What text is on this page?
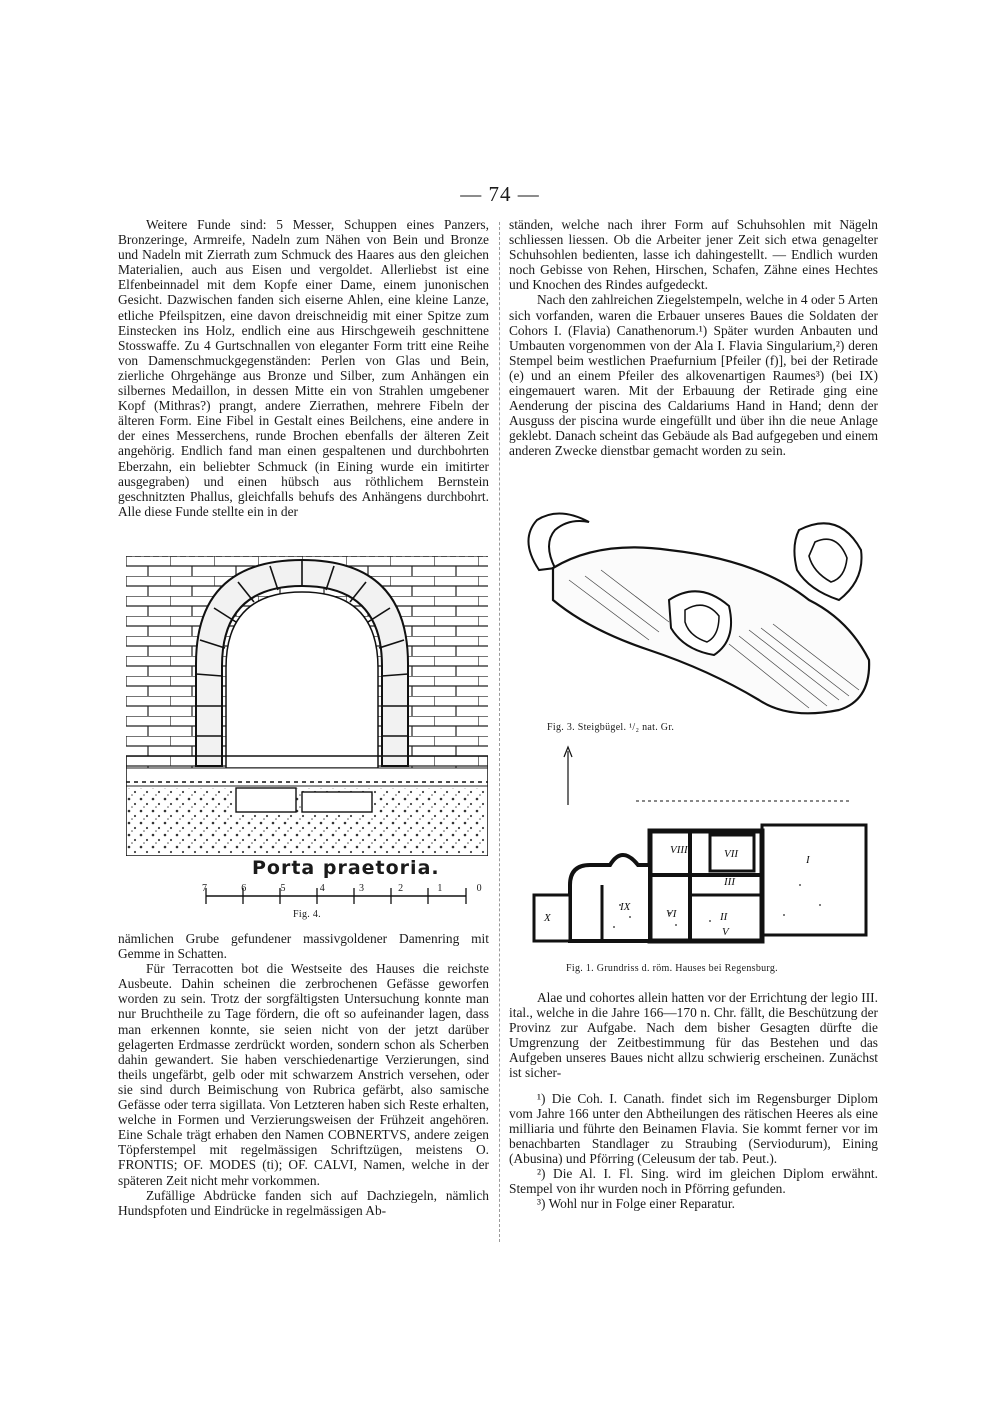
— 74 —

Weitere Funde sind: 5 Messer, Schuppen eines Panzers, Bronzeringe, Armreife, Nadeln zum Nähen von Bein und Bronze und Nadeln mit Zierrath zum Schmuck des Haares aus den gleichen Materialien, auch aus Eisen und vergoldet. Allerliebst ist eine Elfenbeinnadel mit dem Kopfe einer Dame, einem junonischen Gesicht. Dazwischen fanden sich eiserne Ahlen, eine kleine Lanze, etliche Pfeilspitzen, eine davon dreischneidig mit einer Spitze zum Einstecken ins Holz, endlich eine aus Hirschgeweih geschnittene Stosswaffe. Zu 4 Gurtschnallen von eleganter Form tritt eine Reihe von Damenschmuckgegenständen: Perlen von Glas und Bein, zierliche Ohrgehänge aus Bronze und Silber, zum Anhängen ein silbernes Medaillon, in dessen Mitte ein von Strahlen umgebener Kopf (Mithras?) prangt, andere Zierrathen, mehrere Fibeln der älteren Form. Eine Fibel in Gestalt eines Beilchens, eine andere in der eines Messerchens, runde Brochen ebenfalls der älteren Zeit angehörig. Endlich fand man einen gespaltenen und durchbohrten Eberzahn, ein beliebter Schmuck (in Eining wurde ein imitirter ausgegraben) und einen hübsch aus röthlichem Bernstein geschnitzten Phallus, gleichfalls behufs des Anhängens durchbohrt. Alle diese Funde stellte ein in der

Porta praetoria.
7	6	5	4	3	2	1	0
Fig. 4.

nämlichen Grube gefundener massivgoldener Damenring mit Gemme in Schatten.

Für Terracotten bot die Westseite des Hauses die reichste Ausbeute. Dahin scheinen die zerbrochenen Gefässe geworfen worden zu sein. Trotz der sorgfältigsten Untersuchung konnte man nur Bruchtheile zu Tage fördern, die oft so aufeinander lagen, dass man erkennen konnte, sie seien nicht von der jetzt darüber gelagerten Erdmasse zerdrückt worden, sondern schon als Scherben dahin gewandert. Sie haben verschiedenartige Verzierungen, sind theils ungefärbt, gelb oder mit schwarzem Anstrich versehen, oder sie sind durch Beimischung von Rubrica gefärbt, also samische Gefässe oder terra sigillata. Von Letzteren haben sich Reste erhalten, welche in Formen und Verzierungsweisen der Frühzeit angehören. Eine Schale trägt erhaben den Namen COBNERTVS, andere zeigen Töpferstempel mit regelmässigen Schriftzügen, meistens O. FRONTIS; OF. MODES (ti); OF. CALVI, Namen, welche in der späteren Zeit nicht mehr vorkommen.

Zufällige Abdrücke fanden sich auf Dachziegeln, nämlich Hundspfoten und Eindrücke in regelmässigen Ab-

ständen, welche nach ihrer Form auf Schuhsohlen mit Nägeln schliessen liessen. Ob die Arbeiter jener Zeit sich etwa genagelter Schuhsohlen bedienten, lasse ich dahingestellt. — Endlich wurden noch Gebisse von Rehen, Hirschen, Schafen, Zähne eines Hechtes und Knochen des Rindes aufgedeckt.

Nach den zahlreichen Ziegelstempeln, welche in 4 oder 5 Arten sich vorfanden, waren die Erbauer unseres Baues die Soldaten der Cohors I. (Flavia) Canathenorum.¹) Später wurden Anbauten und Umbauten vorgenommen von der Ala I. Flavia Singularium,²) deren Stempel beim westlichen Praefurnium [Pfeiler (f)], bei der Retirade (e) und an einem Pfeiler des alkovenartigen Raumes³) (bei IX) eingemauert waren. Mit der Erbauung der Retirade ging eine Aenderung der piscina des Caldariums Hand in Hand; denn der Ausguss der piscina wurde eingefüllt und über ihn die neue Anlage geklebt. Danach scheint das Gebäude als Bad aufgegeben und einem anderen Zwecke dienstbar gemacht worden zu sein.

Fig. 3. Steigbügel. ¹/₂ nat. Gr.
I
VII
III
VIII
IX
X	II
VI
V
Fig. 1. Grundriss d. röm. Hauses bei Regensburg.

Alae und cohortes allein hatten vor der Errichtung der legio III. ital., welche in die Jahre 166—170 n. Chr. fällt, die Beschützung der Provinz zur Aufgabe. Nach dem bisher Gesagten dürfte die Umgrenzung der Zeitbestimmung für das Bestehen und das Aufgeben unseres Baues nicht allzu schwierig erscheinen. Zunächst ist sicher-

¹) Die Coh. I. Canath. findet sich im Regensburger Diplom vom Jahre 166 unter den Abtheilungen des rätischen Heeres als eine milliaria und führte den Beinamen Flavia. Sie kommt ferner vor im benachbarten Standlager zu Straubing (Serviodurum), Eining (Abusina) und Pförring (Celeusum der tab. Peut.).

²) Die Al. I. Fl. Sing. wird im gleichen Diplom erwähnt. Stempel von ihr wurden noch in Pförring gefunden.

³) Wohl nur in Folge einer Reparatur.
